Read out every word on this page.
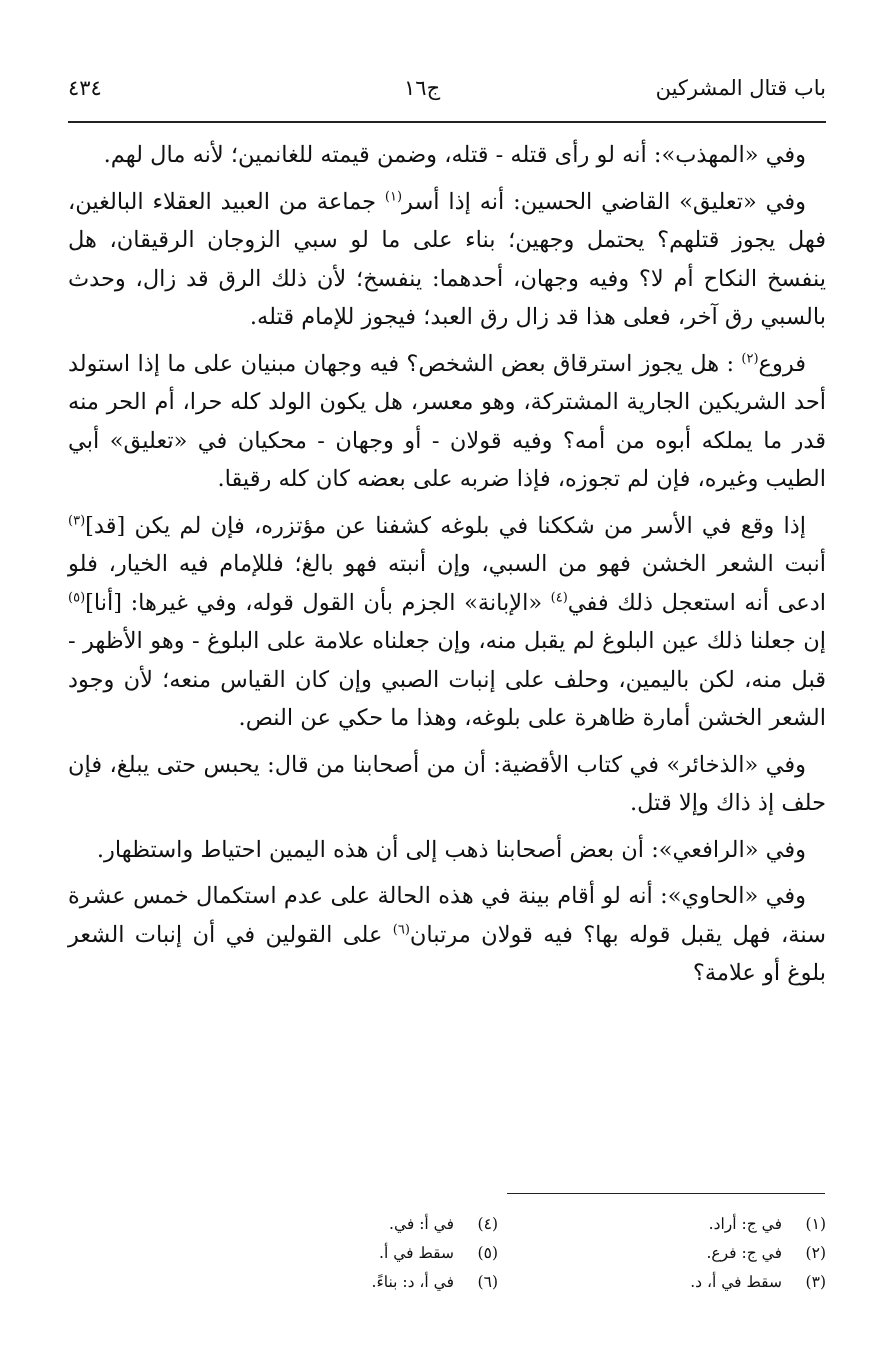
باب قتال المشركين
ج١٦
٤٣٤

وفي «المهذب»: أنه لو رأى قتله - قتله، وضمن قيمته للغانمين؛ لأنه مال لهم.

وفي «تعليق» القاضي الحسين: أنه إذا أسر$^{(١)}$ جماعة من العبيد العقلاء البالغين، فهل يجوز قتلهم؟ يحتمل وجهين؛ بناء على ما لو سبي الزوجان الرقيقان، هل ينفسخ النكاح أم لا؟ وفيه وجهان، أحدهما: ينفسخ؛ لأن ذلك الرق قد زال، وحدث بالسبي رق آخر، فعلى هذا قد زال رق العبد؛ فيجوز للإمام قتله.

فروع$^{(٢)}$ : هل يجوز استرقاق بعض الشخص؟ فيه وجهان مبنيان على ما إذا استولد أحد الشريكين الجارية المشتركة، وهو معسر، هل يكون الولد كله حرا، أم الحر منه قدر ما يملكه أبوه من أمه؟ وفيه قولان - أو وجهان - محكيان في «تعليق» أبي الطيب وغيره، فإن لم تجوزه، فإذا ضربه على بعضه كان كله رقيقا.

إذا وقع في الأسر من شككنا في بلوغه كشفنا عن مؤتزره، فإن لم يكن [قد]$^{(٣)}$ أنبت الشعر الخشن فهو من السبي، وإن أنبته فهو بالغ؛ فللإمام فيه الخيار، فلو ادعى أنه استعجل ذلك ففي$^{(٤)}$ «الإبانة» الجزم بأن القول قوله، وفي غيرها: [أنا]$^{(٥)}$ إن جعلنا ذلك عين البلوغ لم يقبل منه، وإن جعلناه علامة على البلوغ - وهو الأظهر - قبل منه، لكن باليمين، وحلف على إنبات الصبي وإن كان القياس منعه؛ لأن وجود الشعر الخشن أمارة ظاهرة على بلوغه، وهذا ما حكي عن النص.

وفي «الذخائر» في كتاب الأقضية: أن من أصحابنا من قال: يحبس حتى يبلغ، فإن حلف إذ ذاك وإلا قتل.

وفي «الرافعي»: أن بعض أصحابنا ذهب إلى أن هذه اليمين احتياط واستظهار.

وفي «الحاوي»: أنه لو أقام بينة في هذه الحالة على عدم استكمال خمس عشرة سنة، فهل يقبل قوله بها؟ فيه قولان مرتبان$^{(٦)}$ على القولين في أن إنبات الشعر بلوغ أو علامة؟

(١)في ج: أراد.
(٢)في ج: فرع.
(٣)سقط في أ، د.
(٤)في أ: في.
(٥)سقط في أ.
(٦)في أ، د: بناءً.
